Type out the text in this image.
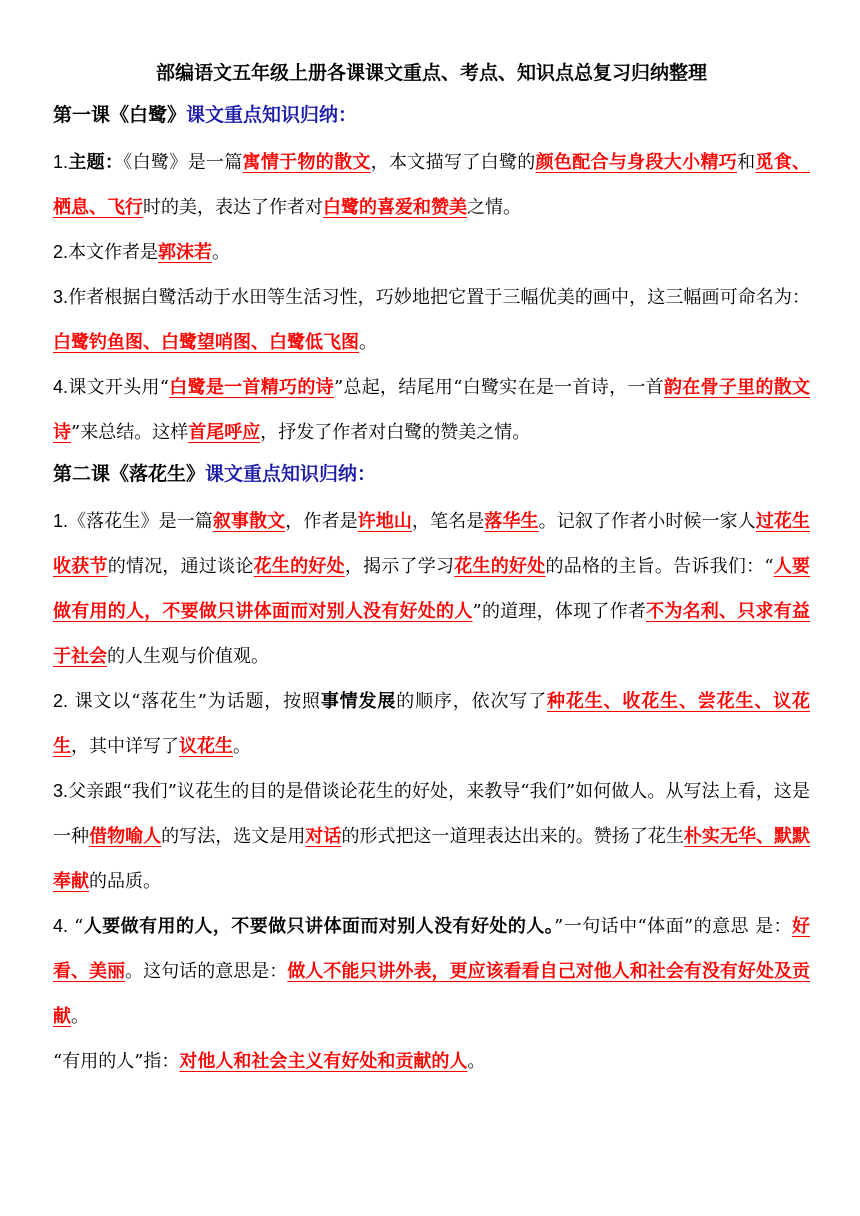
部编语文五年级上册各课课文重点、考点、知识点总复习归纳整理
第一课《白鹭》课文重点知识归纳：

1.主题：《白鹭》是一篇寓情于物的散文，本文描写了白鹭的颜色配合与身段大小精巧和觅食、栖息、飞行时的美，表达了作者对白鹭的喜爱和赞美之情。

2.本文作者是郭沫若。

3.作者根据白鹭活动于水田等生活习性，巧妙地把它置于三幅优美的画中，这三幅画可命名为：白鹭钓鱼图、白鹭望哨图、白鹭低飞图。

4.课文开头用“白鹭是一首精巧的诗”总起，结尾用“白鹭实在是一首诗，一首韵在骨子里的散文诗”来总结。这样首尾呼应，抒发了作者对白鹭的赞美之情。

第二课《落花生》课文重点知识归纳：

1.《落花生》是一篇叙事散文，作者是许地山，笔名是落华生。记叙了作者小时候一家人过花生收获节的情况，通过谈论花生的好处，揭示了学习花生的好处的品格的主旨。告诉我们：“人要做有用的人，不要做只讲体面而对别人没有好处的人”的道理，体现了作者不为名利、只求有益于社会的人生观与价值观。

2. 课文以“落花生”为话题，按照事情发展的顺序，依次写了种花生、收花生、尝花生、议花生，其中详写了议花生。

3.父亲跟“我们”议花生的目的是借谈论花生的好处，来教导“我们”如何做人。从写法上看，这是一种借物喻人的写法，选文是用对话的形式把这一道理表达出来的。赞扬了花生朴实无华、默默奉献的品质。

4. “人要做有用的人，不要做只讲体面而对别人没有好处的人。”一句话中“体面”的意思 是：好看、美丽。这句话的意思是：做人不能只讲外表，更应该看看自己对他人和社会有没有好处及贡献。

“有用的人”指：对他人和社会主义有好处和贡献的人。
